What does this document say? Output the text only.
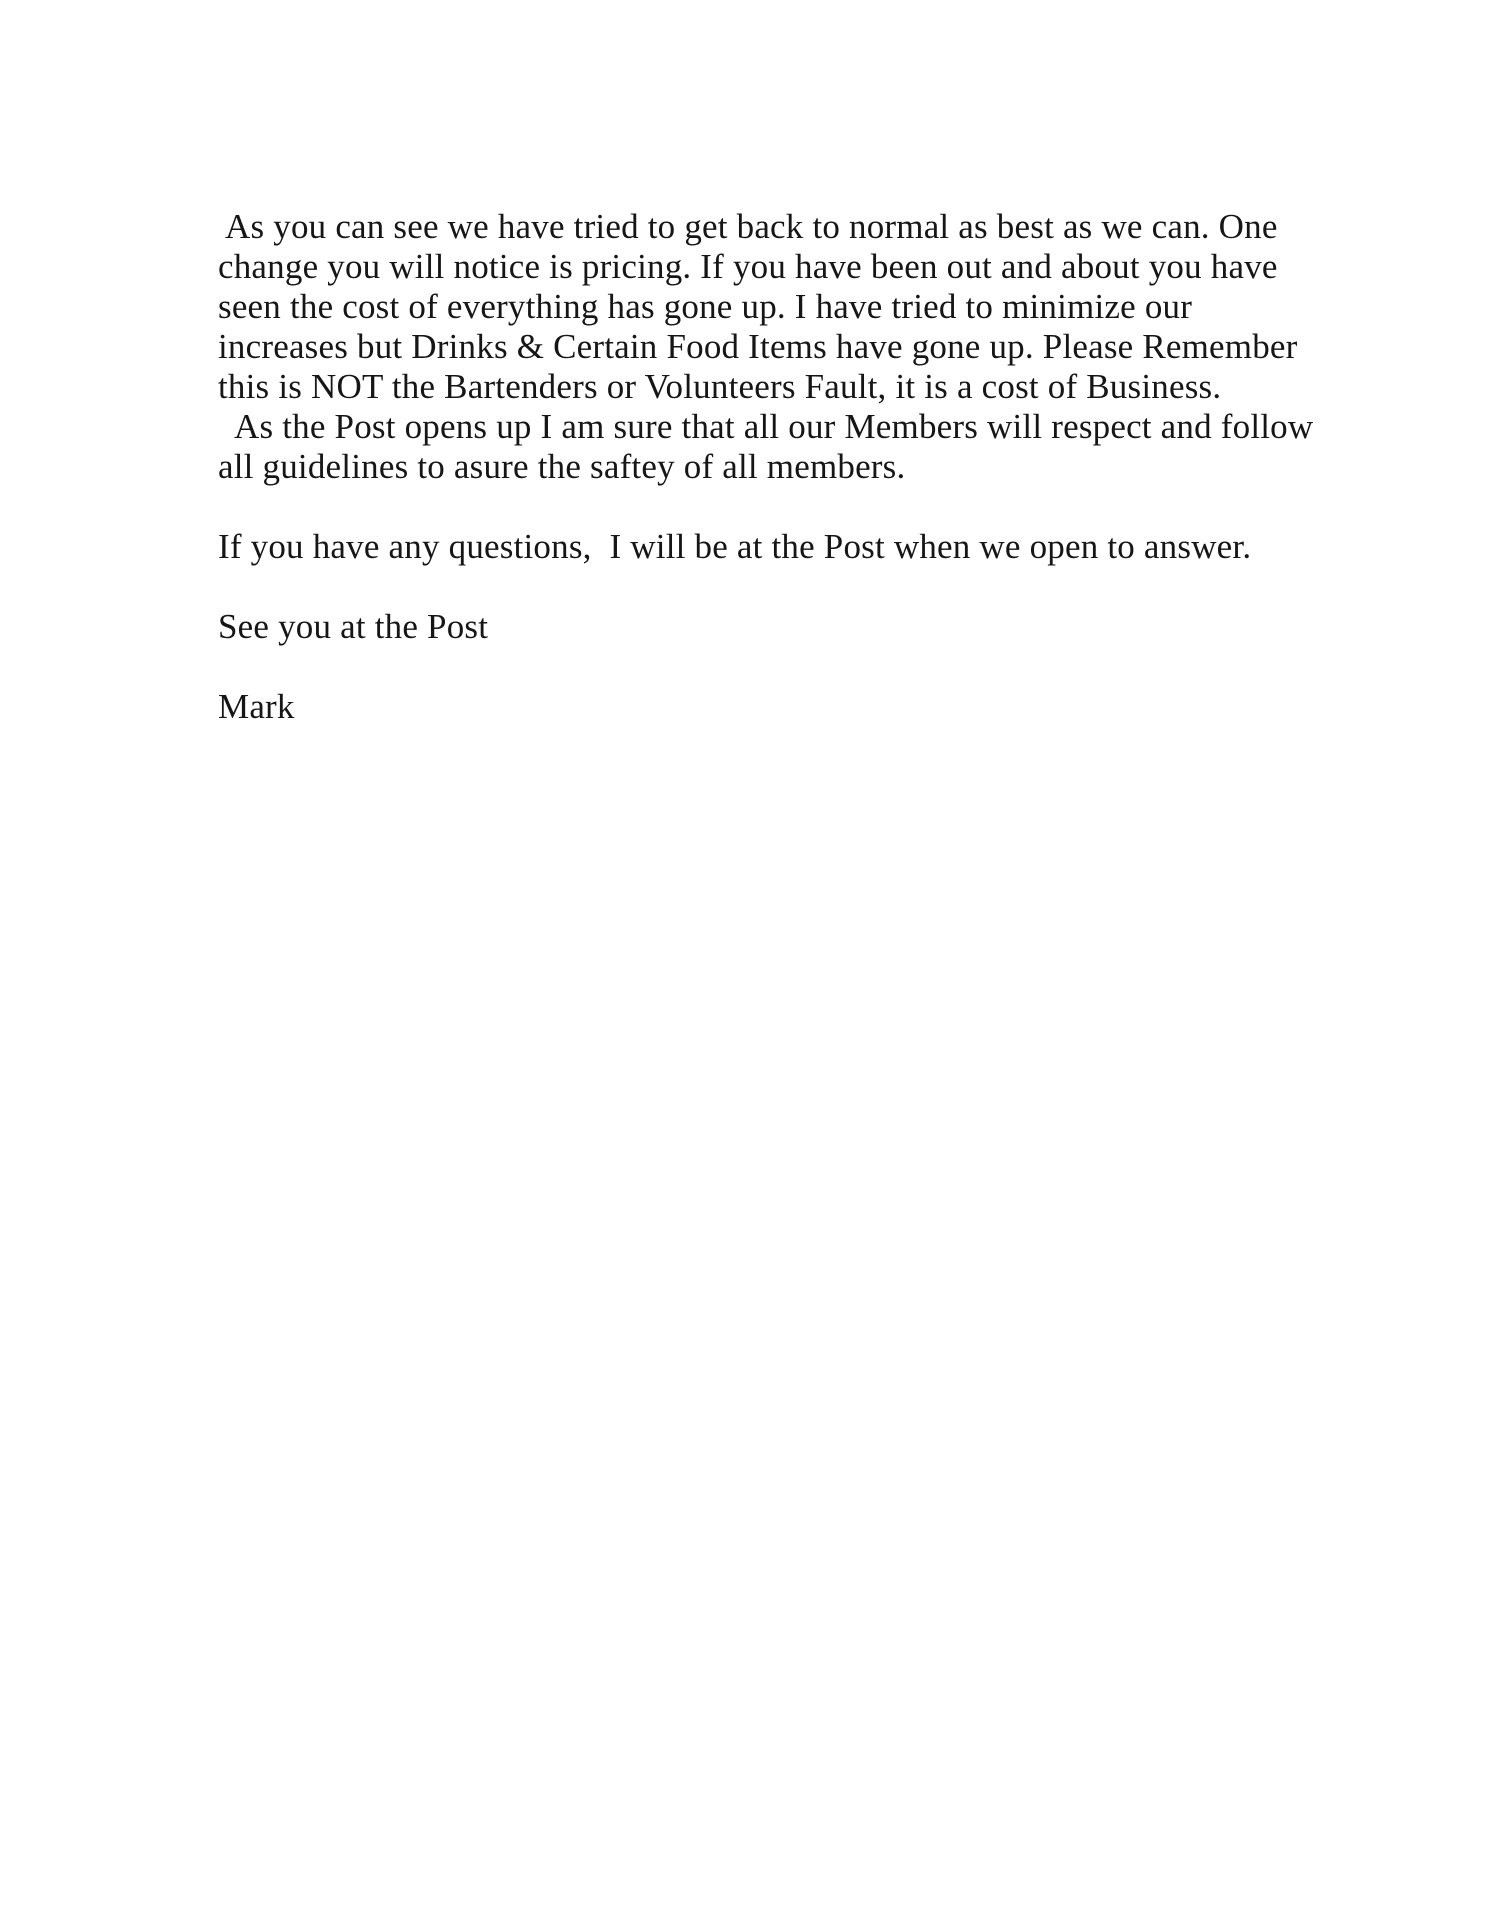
As you can see we have tried to get back to normal as best as we can. One
change you will notice is pricing. If you have been out and about you have
seen the cost of everything has gone up. I have tried to minimize our
increases but Drinks & Certain Food Items have gone up. Please Remember
this is NOT the Bartenders or Volunteers Fault, it is a cost of Business.
As the Post opens up I am sure that all our Members will respect and follow
all guidelines to asure the saftey of all members.
If you have any questions,  I will be at the Post when we open to answer.
See you at the Post
Mark
